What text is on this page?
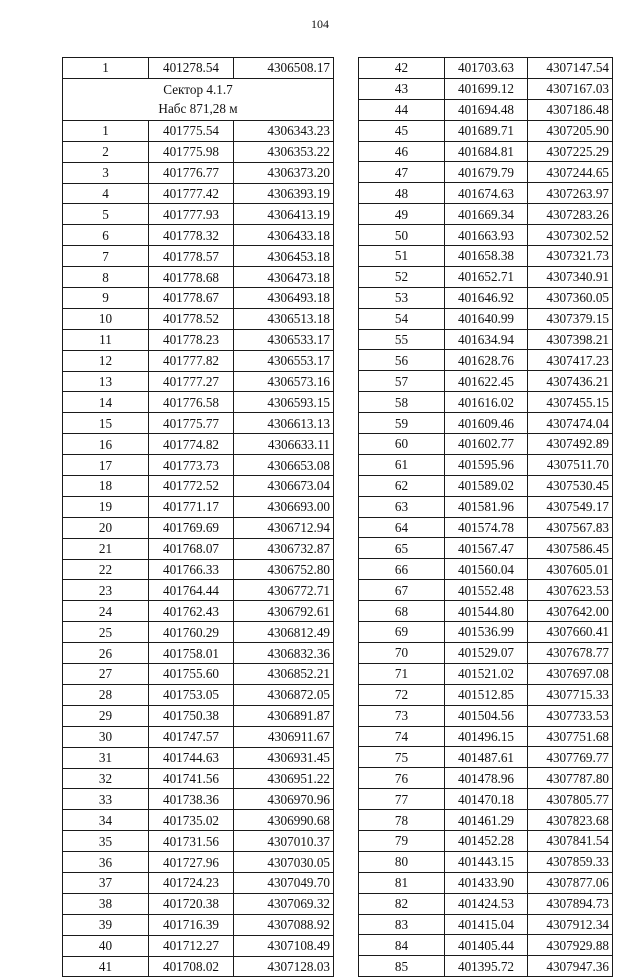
104
1	401278.54	4306508.17

Сектор 4.1.7
Набс 871,28 м		

1	401775.54	4306343.23
2	401775.98	4306353.22
3	401776.77	4306373.20
4	401777.42	4306393.19
5	401777.93	4306413.19
6	401778.32	4306433.18
7	401778.57	4306453.18
8	401778.68	4306473.18
9	401778.67	4306493.18
10	401778.52	4306513.18
11	401778.23	4306533.17
12	401777.82	4306553.17
13	401777.27	4306573.16
14	401776.58	4306593.15
15	401775.77	4306613.13
16	401774.82	4306633.11
17	401773.73	4306653.08
18	401772.52	4306673.04
19	401771.17	4306693.00
20	401769.69	4306712.94
21	401768.07	4306732.87
22	401766.33	4306752.80
23	401764.44	4306772.71
24	401762.43	4306792.61
25	401760.29	4306812.49
26	401758.01	4306832.36
27	401755.60	4306852.21
28	401753.05	4306872.05
29	401750.38	4306891.87
30	401747.57	4306911.67
31	401744.63	4306931.45
32	401741.56	4306951.22
33	401738.36	4306970.96
34	401735.02	4306990.68
35	401731.56	4307010.37
36	401727.96	4307030.05
37	401724.23	4307049.70
38	401720.38	4307069.32
39	401716.39	4307088.92
40	401712.27	4307108.49
41	401708.02	4307128.03
42	401703.63	4307147.54
43	401699.12	4307167.03
44	401694.48	4307186.48
45	401689.71	4307205.90
46	401684.81	4307225.29
47	401679.79	4307244.65
48	401674.63	4307263.97
49	401669.34	4307283.26
50	401663.93	4307302.52
51	401658.38	4307321.73
52	401652.71	4307340.91
53	401646.92	4307360.05
54	401640.99	4307379.15
55	401634.94	4307398.21
56	401628.76	4307417.23
57	401622.45	4307436.21
58	401616.02	4307455.15
59	401609.46	4307474.04
60	401602.77	4307492.89
61	401595.96	4307511.70
62	401589.02	4307530.45
63	401581.96	4307549.17
64	401574.78	4307567.83
65	401567.47	4307586.45
66	401560.04	4307605.01
67	401552.48	4307623.53
68	401544.80	4307642.00
69	401536.99	4307660.41
70	401529.07	4307678.77
71	401521.02	4307697.08
72	401512.85	4307715.33
73	401504.56	4307733.53
74	401496.15	4307751.68
75	401487.61	4307769.77
76	401478.96	4307787.80
77	401470.18	4307805.77
78	401461.29	4307823.68
79	401452.28	4307841.54
80	401443.15	4307859.33
81	401433.90	4307877.06
82	401424.53	4307894.73
83	401415.04	4307912.34
84	401405.44	4307929.88
85	401395.72	4307947.36
